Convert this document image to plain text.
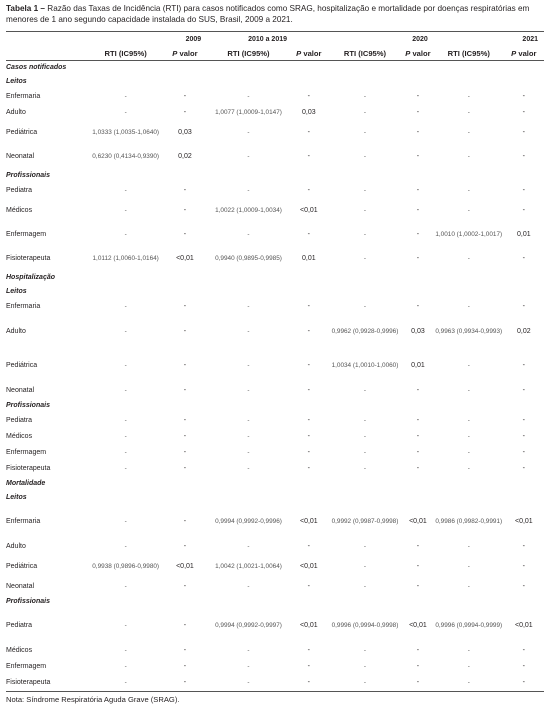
Tabela 1 – Razão das Taxas de Incidência (RTI) para casos notificados como SRAG, hospitalização e mortalidade por doenças respiratórias em menores de 1 ano segundo capacidade instalada do SUS, Brasil, 2009 a 2021.
	2009		2010 a 2019		2020		2021	
	RTI (IC95%)	P valor	RTI (IC95%)	P valor	RTI (IC95%)	P valor	RTI (IC95%)	P valor
Casos notificados								
Leitos								
Enfermaria	-	-	-	-	-	-	-	-
Adulto	-	-	1,0077 (1,0009-1,0147)	0,03	-	-	-	-
Pediátrica	1,0333 (1,0035-1,0640)	0,03	-	-	-	-	-	-
Neonatal	0,6230 (0,4134-0,9390)	0,02	-	-	-	-	-	-
Profissionais								
Pediatra	-	-	-	-	-	-	-	-
Médicos	-	-	1,0022 (1,0009-1,0034)	<0,01	-	-	-	-
Enfermagem	-	-	-	-	-	-	1,0010 (1,0002-1,0017)	0,01
Fisioterapeuta	1,0112 (1,0060-1,0164)	<0,01	0,9940 (0,9895-0,9985)	0,01	-	-	-	-
Hospitalização								
Leitos								
Enfermaria	-	-	-	-	-	-	-	-
Adulto	-	-	-	-	0,9962 (0,9928-0,9996)	0,03	0,9963 (0,9934-0,9993)	0,02
Pediátrica	-	-	-	-	1,0034 (1,0010-1,0060)	0,01	-	-
Neonatal	-	-	-	-	-	-	-	-
Profissionais								
Pediatra	-	-	-	-	-	-	-	-
Médicos	-	-	-	-	-	-	-	-
Enfermagem	-	-	-	-	-	-	-	-
Fisioterapeuta	-	-	-	-	-	-	-	-
Mortalidade								
Leitos								
Enfermaria	-	-	0,9994 (0,9992-0,9996)	<0,01	0,9992 (0,9987-0,9998)	<0,01	0,9986 (0,9982-0,9991)	<0,01
Adulto	-	-	-	-	-	-	-	-
Pediátrica	0,9938 (0,9896-0,9980)	<0,01	1,0042 (1,0021-1,0064)	<0,01	-	-	-	-
Neonatal	-	-	-	-	-	-	-	-
Profissionais								
Pediatra	-	-	0,9994 (0,9992-0,9997)	<0,01	0,9996 (0,9994-0,9998)	<0,01	0,9996 (0,9994-0,9999)	<0,01
Médicos	-	-	-	-	-	-	-	-
Enfermagem	-	-	-	-	-	-	-	-
Fisioterapeuta	-	-	-	-	-	-	-	-
Nota: Síndrome Respiratória Aguda Grave (SRAG).
